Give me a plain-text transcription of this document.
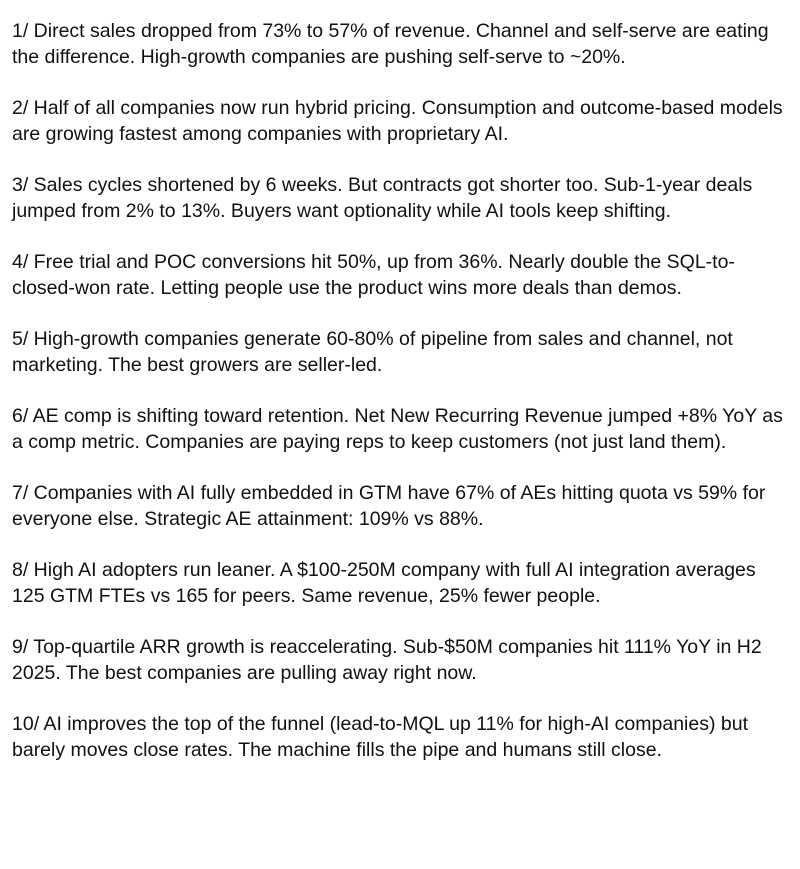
1/ Direct sales dropped from 73% to 57% of revenue. Channel and self-serve are eating the difference. High-growth companies are pushing self-serve to ~20%.

2/ Half of all companies now run hybrid pricing. Consumption and outcome-based models are growing fastest among companies with proprietary AI.

3/ Sales cycles shortened by 6 weeks. But contracts got shorter too. Sub-1-year deals jumped from 2% to 13%. Buyers want optionality while AI tools keep shifting.

4/ Free trial and POC conversions hit 50%, up from 36%. Nearly double the SQL-to-closed-won rate. Letting people use the product wins more deals than demos.

5/ High-growth companies generate 60-80% of pipeline from sales and channel, not marketing. The best growers are seller-led.

6/ AE comp is shifting toward retention. Net New Recurring Revenue jumped +8% YoY as a comp metric. Companies are paying reps to keep customers (not just land them).

7/ Companies with AI fully embedded in GTM have 67% of AEs hitting quota vs 59% for everyone else. Strategic AE attainment: 109% vs 88%.

8/ High AI adopters run leaner. A $100-250M company with full AI integration averages 125 GTM FTEs vs 165 for peers. Same revenue, 25% fewer people.

9/ Top-quartile ARR growth is reaccelerating. Sub-$50M companies hit 111% YoY in H2 2025. The best companies are pulling away right now.

10/ AI improves the top of the funnel (lead-to-MQL up 11% for high-AI companies) but barely moves close rates. The machine fills the pipe and humans still close.
